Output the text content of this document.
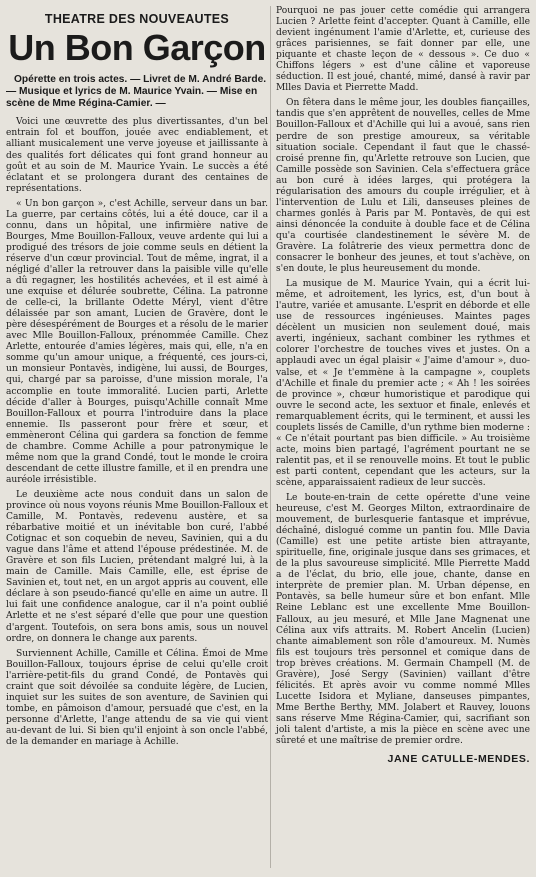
THEATRE DES NOUVEAUTES
Un Bon Garçon
Opérette en trois actes. — Livret de M. André Barde. — Musique et lyrics de M. Maurice Yvain. — Mise en scène de Mme Régina-Camier. —

Voici une œuvrette des plus divertissantes, d'un bel entrain fol et bouffon, jouée avec endiablement, et alliant musicalement une verve joyeuse et jaillissante à des qualités fort délicates qui font grand honneur au goût et au soin de M. Maurice Yvain. Le succès a été éclatant et se prolongera durant des centaines de représentations.

« Un bon garçon », c'est Achille, serveur dans un bar. La guerre, par certains côtés, lui a été douce, car il a connu, dans un hôpital, une infirmière native de Bourges, Mme Bouillon-Falloux, veuve ardente qui lui a prodigué des trésors de joie comme seuls en détient la réserve d'un cœur provincial. Tout de même, ingrat, il a négligé d'aller la retrouver dans la paisible ville qu'elle a dû regagner, les hostilités achevées, et il est aimé à une exquise et délurée soubrette, Célina. La patronne de celle-ci, la brillante Odette Méryl, vient d'être délaissée par son amant, Lucien de Gravère, dont le père désespérément de Bourges et a résolu de le marier avec Mlle Bouillon-Falloux, prénommée Camille. Chez Arlette, entourée d'amies légères, mais qui, elle, n'a en somme qu'un amour unique, a fréquenté, ces jours-ci, un monsieur Pontavès, indigène, lui aussi, de Bourges, qui, chargé par sa paroisse, d'une mission morale, l'a accomplie en toute immoralité. Lucien parti, Arlette décide d'aller à Bourges, puisqu'Achille connaît Mme Bouillon-Falloux et pourra l'introduire dans la place ennemie. Ils passeront pour frère et sœur, et emmèneront Célina qui gardera sa fonction de femme de chambre. Comme Achille a pour patronymique le même nom que la grand Condé, tout le monde le croira descendant de cette illustre famille, et il en prendra une auréole irrésistible.

Le deuxième acte nous conduit dans un salon de province où nous voyons réunis Mme Bouillon-Falloux et Camille, M. Pontavès, redevenu austère, et sa rébarbative moitié et un inévitable bon curé, l'abbé Cotignac et son coquebin de neveu, Savinien, qui a du vague dans l'âme et attend l'épouse prédestinée. M. de Gravère et son fils Lucien, prétendant malgré lui, à la main de Camille. Mais Camille, elle, est éprise de Savinien et, tout net, en un argot appris au couvent, elle déclare à son pseudo-fiancé qu'elle en aime un autre. Il lui fait une confidence analogue, car il n'a point oublié Arlette et ne s'est séparé d'elle que pour une question d'argent. Toutefois, on sera bons amis, sous un nouvel ordre, on donnera le change aux parents.

Surviennent Achille, Camille et Célina. Émoi de Mme Bouillon-Falloux, toujours éprise de celui qu'elle croit l'arrière-petit-fils du grand Condé, de Pontavès qui craint que soit dévoilée sa conduite légère, de Lucien, inquiet sur les suites de son aventure, de Savinien qui tombe, en pâmoison d'amour, persuadé que c'est, en la personne d'Arlette, l'ange attendu de sa vie qui vient au-devant de lui. Si bien qu'il enjoint à son oncle l'abbé, de la demander en mariage à Achille.

Pourquoi ne pas jouer cette comédie qui arrangera Lucien ? Arlette feint d'accepter. Quant à Camille, elle devient ingénument l'amie d'Arlette, et, curieuse des grâces parisiennes, se fait donner par elle, une piquante et chaste leçon de « dessous ». Ce duo « Chiffons légers » est d'une câline et vaporeuse séduction. Il est joué, chanté, mimé, dansé à ravir par Mlles Davia et Pierrette Madd.

On fêtera dans le même jour, les doubles fiançailles, tandis que s'en apprêtent de nouvelles, celles de Mme Bouillon-Falloux et d'Achille qui lui a avoué, sans rien perdre de son prestige amoureux, sa véritable situation sociale. Cependant il faut que le chassé-croisé prenne fin, qu'Arlette retrouve son Lucien, que Camille possède son Savinien. Cela s'effectuera grâce au bon curé à idées larges, qui protégera la régularisation des amours du couple irrégulier, et à l'intervention de Lulu et Lili, danseuses pleines de charmes gonlés à Paris par M. Pontavès, de qui est ainsi dénoncée la conduite à double face et de Célina qu'a courtisée clandestinement le sévère M. de Gravère. La folâtrerie des vieux permettra donc de consacrer le bonheur des jeunes, et tout s'achève, on s'en doute, le plus heureusement du monde.

La musique de M. Maurice Yvain, qui a écrit lui-même, et adroitement, les lyrics, est, d'un bout à l'autre, variée et amusante. L'esprit en déborde et elle use de ressources ingénieuses. Maintes pages décèlent un musicien non seulement doué, mais averti, ingénieux, sachant combiner les rythmes et colorer l'orchestre de touches vives et justes. On a applaudi avec un égal plaisir « J'aime d'amour », duo-valse, et « Je t'emmène à la campagne », couplets d'Achille et finale du premier acte ; « Ah ! les soirées de province », chœur humoristique et parodique qui ouvre le second acte, les sextuor et finale, enlevés et remarquablement écrits, qui le terminent, et aussi les couplets lissés de Camille, d'un rythme bien moderne : « Ce n'était pourtant pas bien difficile. » Au troisième acte, moins bien partagé, l'agrément pourtant ne se ralentit pas, et il se renouvelle moins. Et tout le public est parti content, cependant que les acteurs, sur la scène, apparaissaient radieux de leur succès.

Le boute-en-train de cette opérette d'une veine heureuse, c'est M. Georges Milton, extraordinaire de mouvement, de burlesquerie fantasque et imprévue, déchaîné, dislogué comme un pantin fou. Mlle Davia (Camille) est une petite artiste bien attrayante, spirituelle, fine, originale jusque dans ses grimaces, et de la plus savoureuse simplicité. Mlle Pierrette Madd a de l'éclat, du brio, elle joue, chante, danse en interprète de premier plan. M. Urban dépense, en Pontavès, sa belle humeur sûre et bon enfant. Mlle Reine Leblanc est une excellente Mme Bouillon-Falloux, au jeu mesuré, et Mlle Jane Magnenat une Célina aux vifs attraits. M. Robert Ancelin (Lucien) chante aimablement son rôle d'amoureux. M. Numès fils est toujours très personnel et comique dans de trop brèves créations. M. Germain Champell (M. de Gravère), José Sergy (Savinien) vaillant d'être félicités. Et après avoir vu comme nommé Mlles Lucette Isidora et Myliane, danseuses pimpantes, Mme Berthe Berthy, MM. Jolabert et Rauvey, louons sans réserve Mme Régina-Camier, qui, sacrifiant son joli talent d'artiste, a mis la pièce en scène avec une sûreté et une maîtrise de premier ordre.

JANE CATULLE-MENDES.
